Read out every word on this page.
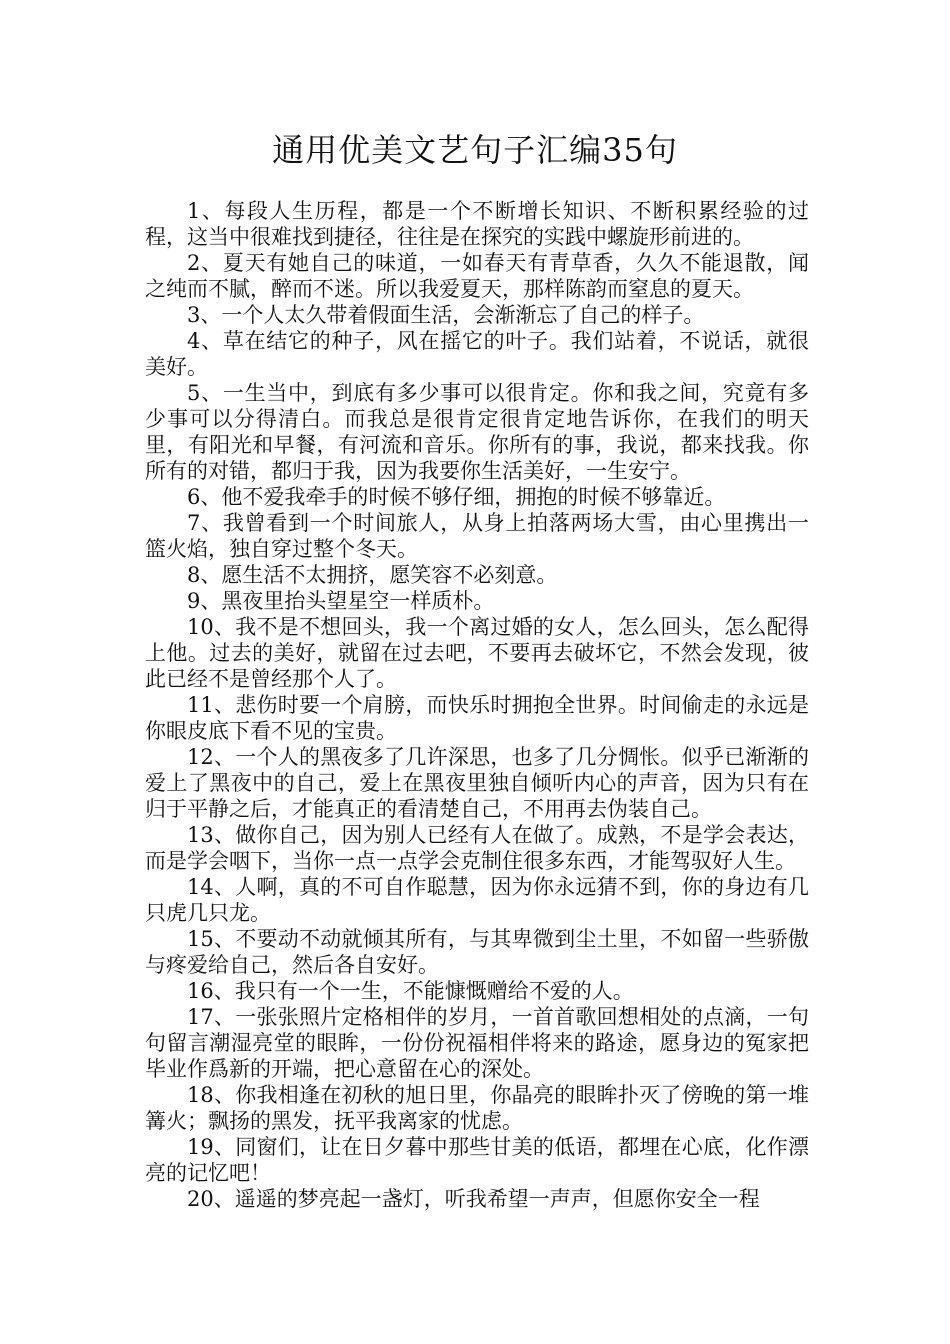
通用优美文艺句子汇编35句

1、每段人生历程，都是一个不断增长知识、不断积累经验的过程，这当中很难找到捷径，往往是在探究的实践中螺旋形前进的。

2、夏天有她自己的味道，一如春天有青草香，久久不能退散，闻之纯而不腻，醉而不迷。所以我爱夏天，那样陈韵而窒息的夏天。

3、一个人太久带着假面生活，会渐渐忘了自己的样子。

4、草在结它的种子，风在摇它的叶子。我们站着，不说话，就很美好。

5、一生当中，到底有多少事可以很肯定。你和我之间，究竟有多少事可以分得清白。而我总是很肯定很肯定地告诉你，在我们的明天里，有阳光和早餐，有河流和音乐。你所有的事，我说，都来找我。你所有的对错，都归于我，因为我要你生活美好，一生安宁。

6、他不爱我牵手的时候不够仔细，拥抱的时候不够靠近。

7、我曾看到一个时间旅人，从身上拍落两场大雪，由心里携出一篮火焰，独自穿过整个冬天。

8、愿生活不太拥挤，愿笑容不必刻意。

9、黑夜里抬头望星空一样质朴。

10、我不是不想回头，我一个离过婚的女人，怎么回头，怎么配得上他。过去的美好，就留在过去吧，不要再去破坏它，不然会发现，彼此已经不是曾经那个人了。

11、悲伤时要一个肩膀，而快乐时拥抱全世界。时间偷走的永远是你眼皮底下看不见的宝贵。

12、一个人的黑夜多了几许深思，也多了几分惆怅。似乎已渐渐的爱上了黑夜中的自己，爱上在黑夜里独自倾听内心的声音，因为只有在归于平静之后，才能真正的看清楚自己，不用再去伪装自己。

13、做你自己，因为别人已经有人在做了。成熟，不是学会表达，而是学会咽下，当你一点一点学会克制住很多东西，才能驾驭好人生。

14、人啊，真的不可自作聪慧，因为你永远猜不到，你的身边有几只虎几只龙。

15、不要动不动就倾其所有，与其卑微到尘土里，不如留一些骄傲与疼爱给自己，然后各自安好。

16、我只有一个一生，不能慷慨赠给不爱的人。

17、一张张照片定格相伴的岁月，一首首歌回想相处的点滴，一句句留言潮湿亮堂的眼眸，一份份祝福相伴将来的路途，愿身边的冤家把毕业作爲新的开端，把心意留在心的深处。

18、你我相逢在初秋的旭日里，你晶亮的眼眸扑灭了傍晚的第一堆篝火；飘扬的黑发，抚平我离家的忧虑。

19、同窗们，让在日夕暮中那些甘美的低语，都埋在心底，化作漂亮的记忆吧！

20、遥遥的梦亮起一盏灯，听我希望一声声，但愿你安全一程
